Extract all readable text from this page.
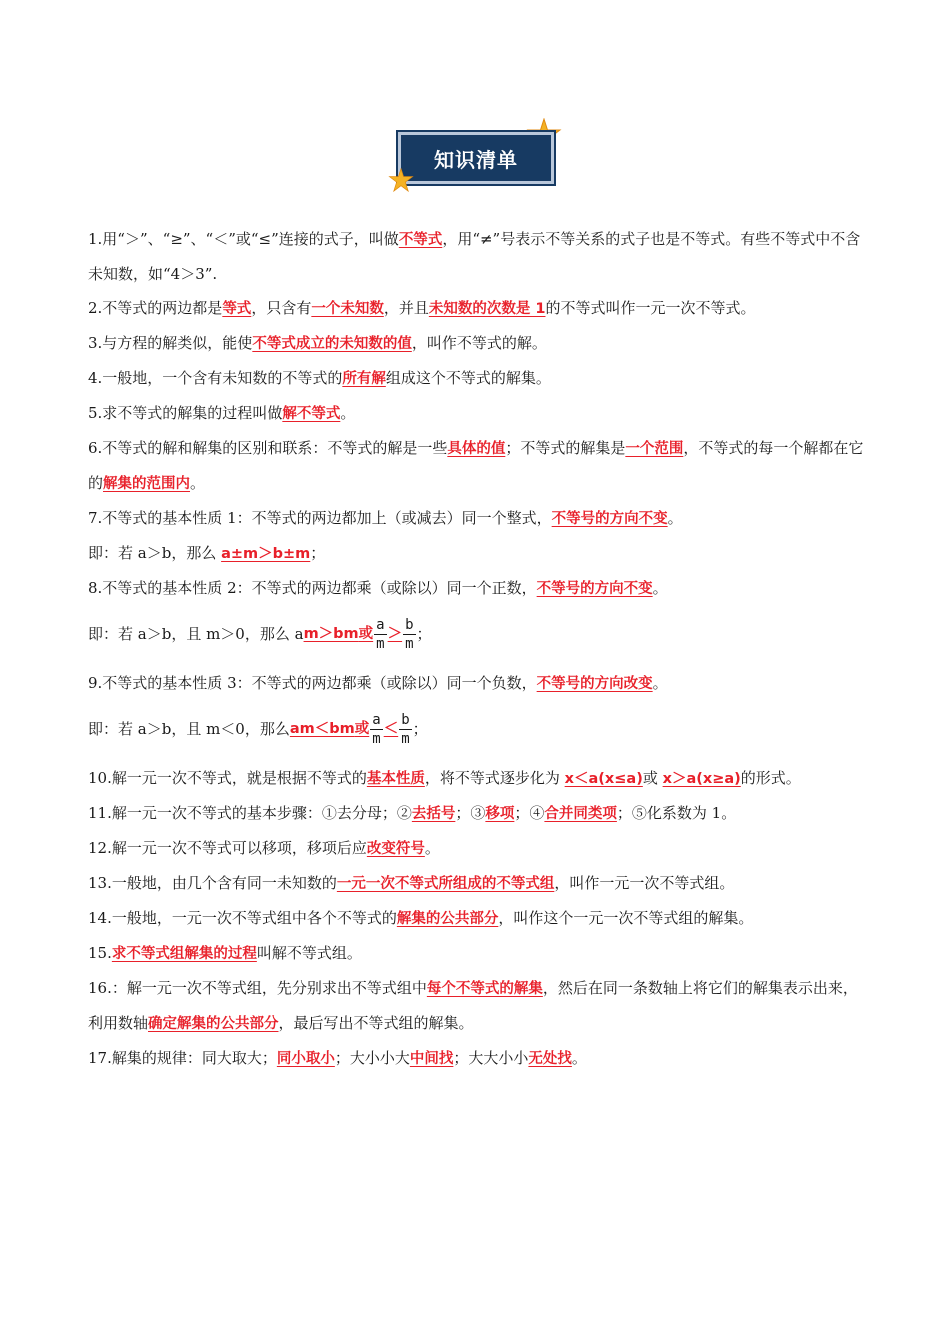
知识清单

1.用“＞”、“≥”、“＜”或“≤”连接的式子，叫做不等式，用“≠”号表示不等关系的式子也是不等式。有些不等式中不含未知数，如“4＞3”.

2.不等式的两边都是等式，只含有一个未知数，并且未知数的次数是 1的不等式叫作一元一次不等式。

3.与方程的解类似，能使不等式成立的未知数的值，叫作不等式的解。

4.一般地，一个含有未知数的不等式的所有解组成这个不等式的解集。

5.求不等式的解集的过程叫做解不等式。

6.不等式的解和解集的区别和联系：不等式的解是一些具体的值；不等式的解集是一个范围，不等式的每一个解都在它的解集的范围内。

7.不等式的基本性质 1：不等式的两边都加上（或减去）同一个整式，不等号的方向不变。

即：若 a＞b，那么 a±m＞b±m；

8.不等式的基本性质 2：不等式的两边都乘（或除以）同一个正数，不等号的方向不变。

即：若 a＞b，且 m＞0，那么 a m＞bm 或 $\frac{a}{m} > \frac{b}{m}$ ；

9.不等式的基本性质 3：不等式的两边都乘（或除以）同一个负数，不等号的方向改变。

即：若 a＞b，且 m＜0，那么 am＜bm 或 $\frac{a}{m} < \frac{b}{m}$ ；

10.解一元一次不等式，就是根据不等式的基本性质，将不等式逐步化为 x＜a(x≤a)或 x＞a(x≥a)的形式。

11.解一元一次不等式的基本步骤：①去分母；②去括号；③移项；④合并同类项；⑤化系数为 1。

12.解一元一次不等式可以移项，移项后应改变符号。

13.一般地，由几个含有同一未知数的一元一次不等式所组成的不等式组，叫作一元一次不等式组。

14.一般地，一元一次不等式组中各个不等式的解集的公共部分，叫作这个一元一次不等式组的解集。

15.求不等式组解集的过程叫解不等式组。

16.：解一元一次不等式组，先分别求出不等式组中每个不等式的解集，然后在同一条数轴上将它们的解集表示出来，利用数轴确定解集的公共部分，最后写出不等式组的解集。

17.解集的规律：同大取大；同小取小；大小小大中间找；大大小小无处找。
